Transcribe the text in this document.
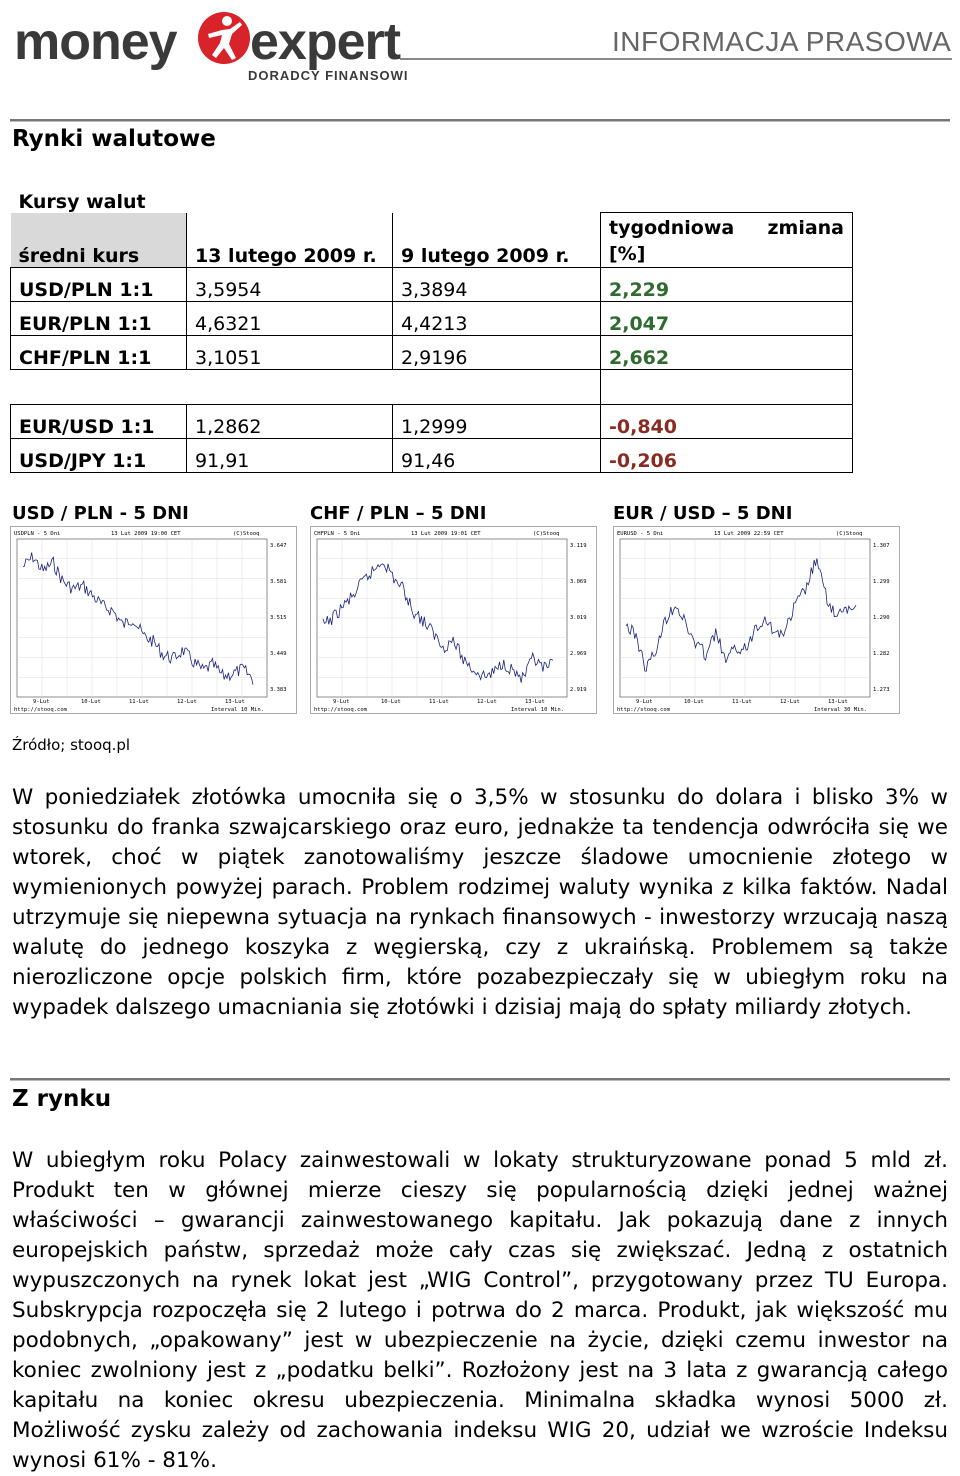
money expert
DORADCY FINANSOWI
INFORMACJA PRASOWA
Rynki walutowe
Kursy walut			
średni kurs	13 lutego 2009 r.	9 lutego 2009 r.	tygodniowa zmiana [%]
USD/PLN 1:1	3,5954	3,3894	2,229
EUR/PLN 1:1	4,6321	4,4213	2,047
CHF/PLN 1:1	3,1051	2,9196	2,662

EUR/USD 1:1	1,2862	1,2999	-0,840
USD/JPY 1:1	91,91	91,46	-0,206
USD / PLN - 5 DNI	CHF / PLN – 5 DNI	EUR / USD – 5 DNI
USDPLN - 5 Dni	13 Lut 2009 19:00 CET	(C)Stooq
3.647
3.581
3.515
3.449
3.383
9-Lut	10-Lut	11-Lut	12-Lut	13-Lut
http://stooq.com	Interval 10 Min.
CHFPLN - 5 Dni	13 Lut 2009 19:01 CET	(C)Stooq
3.119
3.069
3.019
2.969
2.919
9-Lut	10-Lut	11-Lut	12-Lut	13-Lut
http://stooq.com	Interval 10 Min.
EURUSD - 5 Dni	13 Lut 2009 22:59 CET	(C)Stooq
1.307
1.299
1.290
1.282
1.273
9-Lut	10-Lut	11-Lut	12-Lut	13-Lut
http://stooq.com	Interval 30 Min.
Źródło; stooq.pl

W poniedziałek złotówka umocniła się o 3,5% w stosunku do dolara i blisko 3% w stosunku do franka szwajcarskiego oraz euro, jednakże ta tendencja odwróciła się we wtorek, choć w piątek zanotowaliśmy jeszcze śladowe umocnienie złotego w wymienionych powyżej parach. Problem rodzimej waluty wynika z kilka faktów. Nadal utrzymuje się niepewna sytuacja na rynkach finansowych - inwestorzy wrzucają naszą walutę do jednego koszyka z węgierską, czy z ukraińską. Problemem są także nierozliczone opcje polskich firm, które pozabezpieczały się w ubiegłym roku na wypadek dalszego umacniania się złotówki i dzisiaj mają do spłaty miliardy złotych.

Z rynku

W ubiegłym roku Polacy zainwestowali w lokaty strukturyzowane ponad 5 mld zł. Produkt ten w głównej mierze cieszy się popularnością dzięki jednej ważnej właściwości – gwarancji zainwestowanego kapitału. Jak pokazują dane z innych europejskich państw, sprzedaż może cały czas się zwiększać. Jedną z ostatnich wypuszczonych na rynek lokat jest „WIG Control”, przygotowany przez TU Europa. Subskrypcja rozpoczęła się 2 lutego i potrwa do 2 marca. Produkt, jak większość mu podobnych, „opakowany” jest w ubezpieczenie na życie, dzięki czemu inwestor na koniec zwolniony jest z „podatku belki”. Rozłożony jest na 3 lata z gwarancją całego kapitału na koniec okresu ubezpieczenia. Minimalna składka wynosi 5000 zł. Możliwość zysku zależy od zachowania indeksu WIG 20, udział we wzroście Indeksu wynosi 61% - 81%.
